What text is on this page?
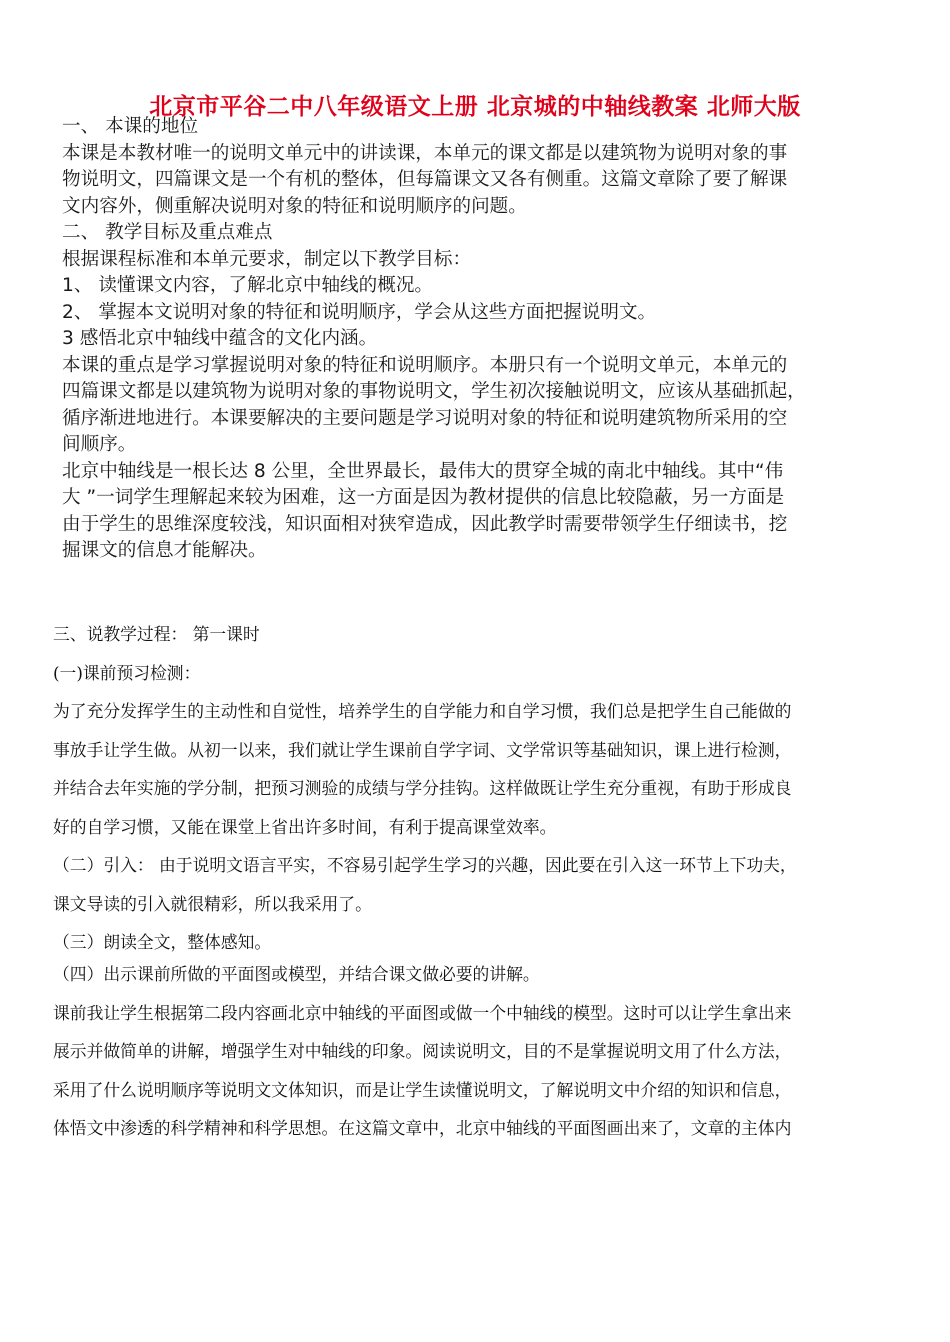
北京市平谷二中八年级语文上册 北京城的中轴线教案 北师大版

一、 本课的地位

本课是本教材唯一的说明文单元中的讲读课，本单元的课文都是以建筑物为说明对象的事

物说明文，四篇课文是一个有机的整体，但每篇课文又各有侧重。这篇文章除了要了解课

文内容外，侧重解决说明对象的特征和说明顺序的问题。

二、 教学目标及重点难点

根据课程标准和本单元要求，制定以下教学目标：

1、 读懂课文内容，了解北京中轴线的概况。

2、 掌握本文说明对象的特征和说明顺序，学会从这些方面把握说明文。

3 感悟北京中轴线中蕴含的文化内涵。

本课的重点是学习掌握说明对象的特征和说明顺序。本册只有一个说明文单元，本单元的

四篇课文都是以建筑物为说明对象的事物说明文，学生初次接触说明文，应该从基础抓起，

循序渐进地进行。本课要解决的主要问题是学习说明对象的特征和说明建筑物所采用的空

间顺序。

北京中轴线是一根长达 8 公里，全世界最长，最伟大的贯穿全城的南北中轴线。其中“伟

大 ”一词学生理解起来较为困难，这一方面是因为教材提供的信息比较隐蔽，另一方面是

由于学生的思维深度较浅，知识面相对狭窄造成，因此教学时需要带领学生仔细读书，挖

掘课文的信息才能解决。

三、说教学过程： 第一课时

(一)课前预习检测：

为了充分发挥学生的主动性和自觉性，培养学生的自学能力和自学习惯，我们总是把学生自己能做的

事放手让学生做。从初一以来，我们就让学生课前自学字词、文学常识等基础知识，课上进行检测，

并结合去年实施的学分制，把预习测验的成绩与学分挂钩。这样做既让学生充分重视，有助于形成良

好的自学习惯，又能在课堂上省出许多时间，有利于提高课堂效率。

（二）引入： 由于说明文语言平实，不容易引起学生学习的兴趣，因此要在引入这一环节上下功夫，

课文导读的引入就很精彩，所以我采用了。

（三）朗读全文，整体感知。

（四）出示课前所做的平面图或模型，并结合课文做必要的讲解。

课前我让学生根据第二段内容画北京中轴线的平面图或做一个中轴线的模型。这时可以让学生拿出来

展示并做简单的讲解，增强学生对中轴线的印象。阅读说明文，目的不是掌握说明文用了什么方法，

采用了什么说明顺序等说明文文体知识，而是让学生读懂说明文，了解说明文中介绍的知识和信息，

体悟文中渗透的科学精神和科学思想。在这篇文章中，北京中轴线的平面图画出来了，文章的主体内
